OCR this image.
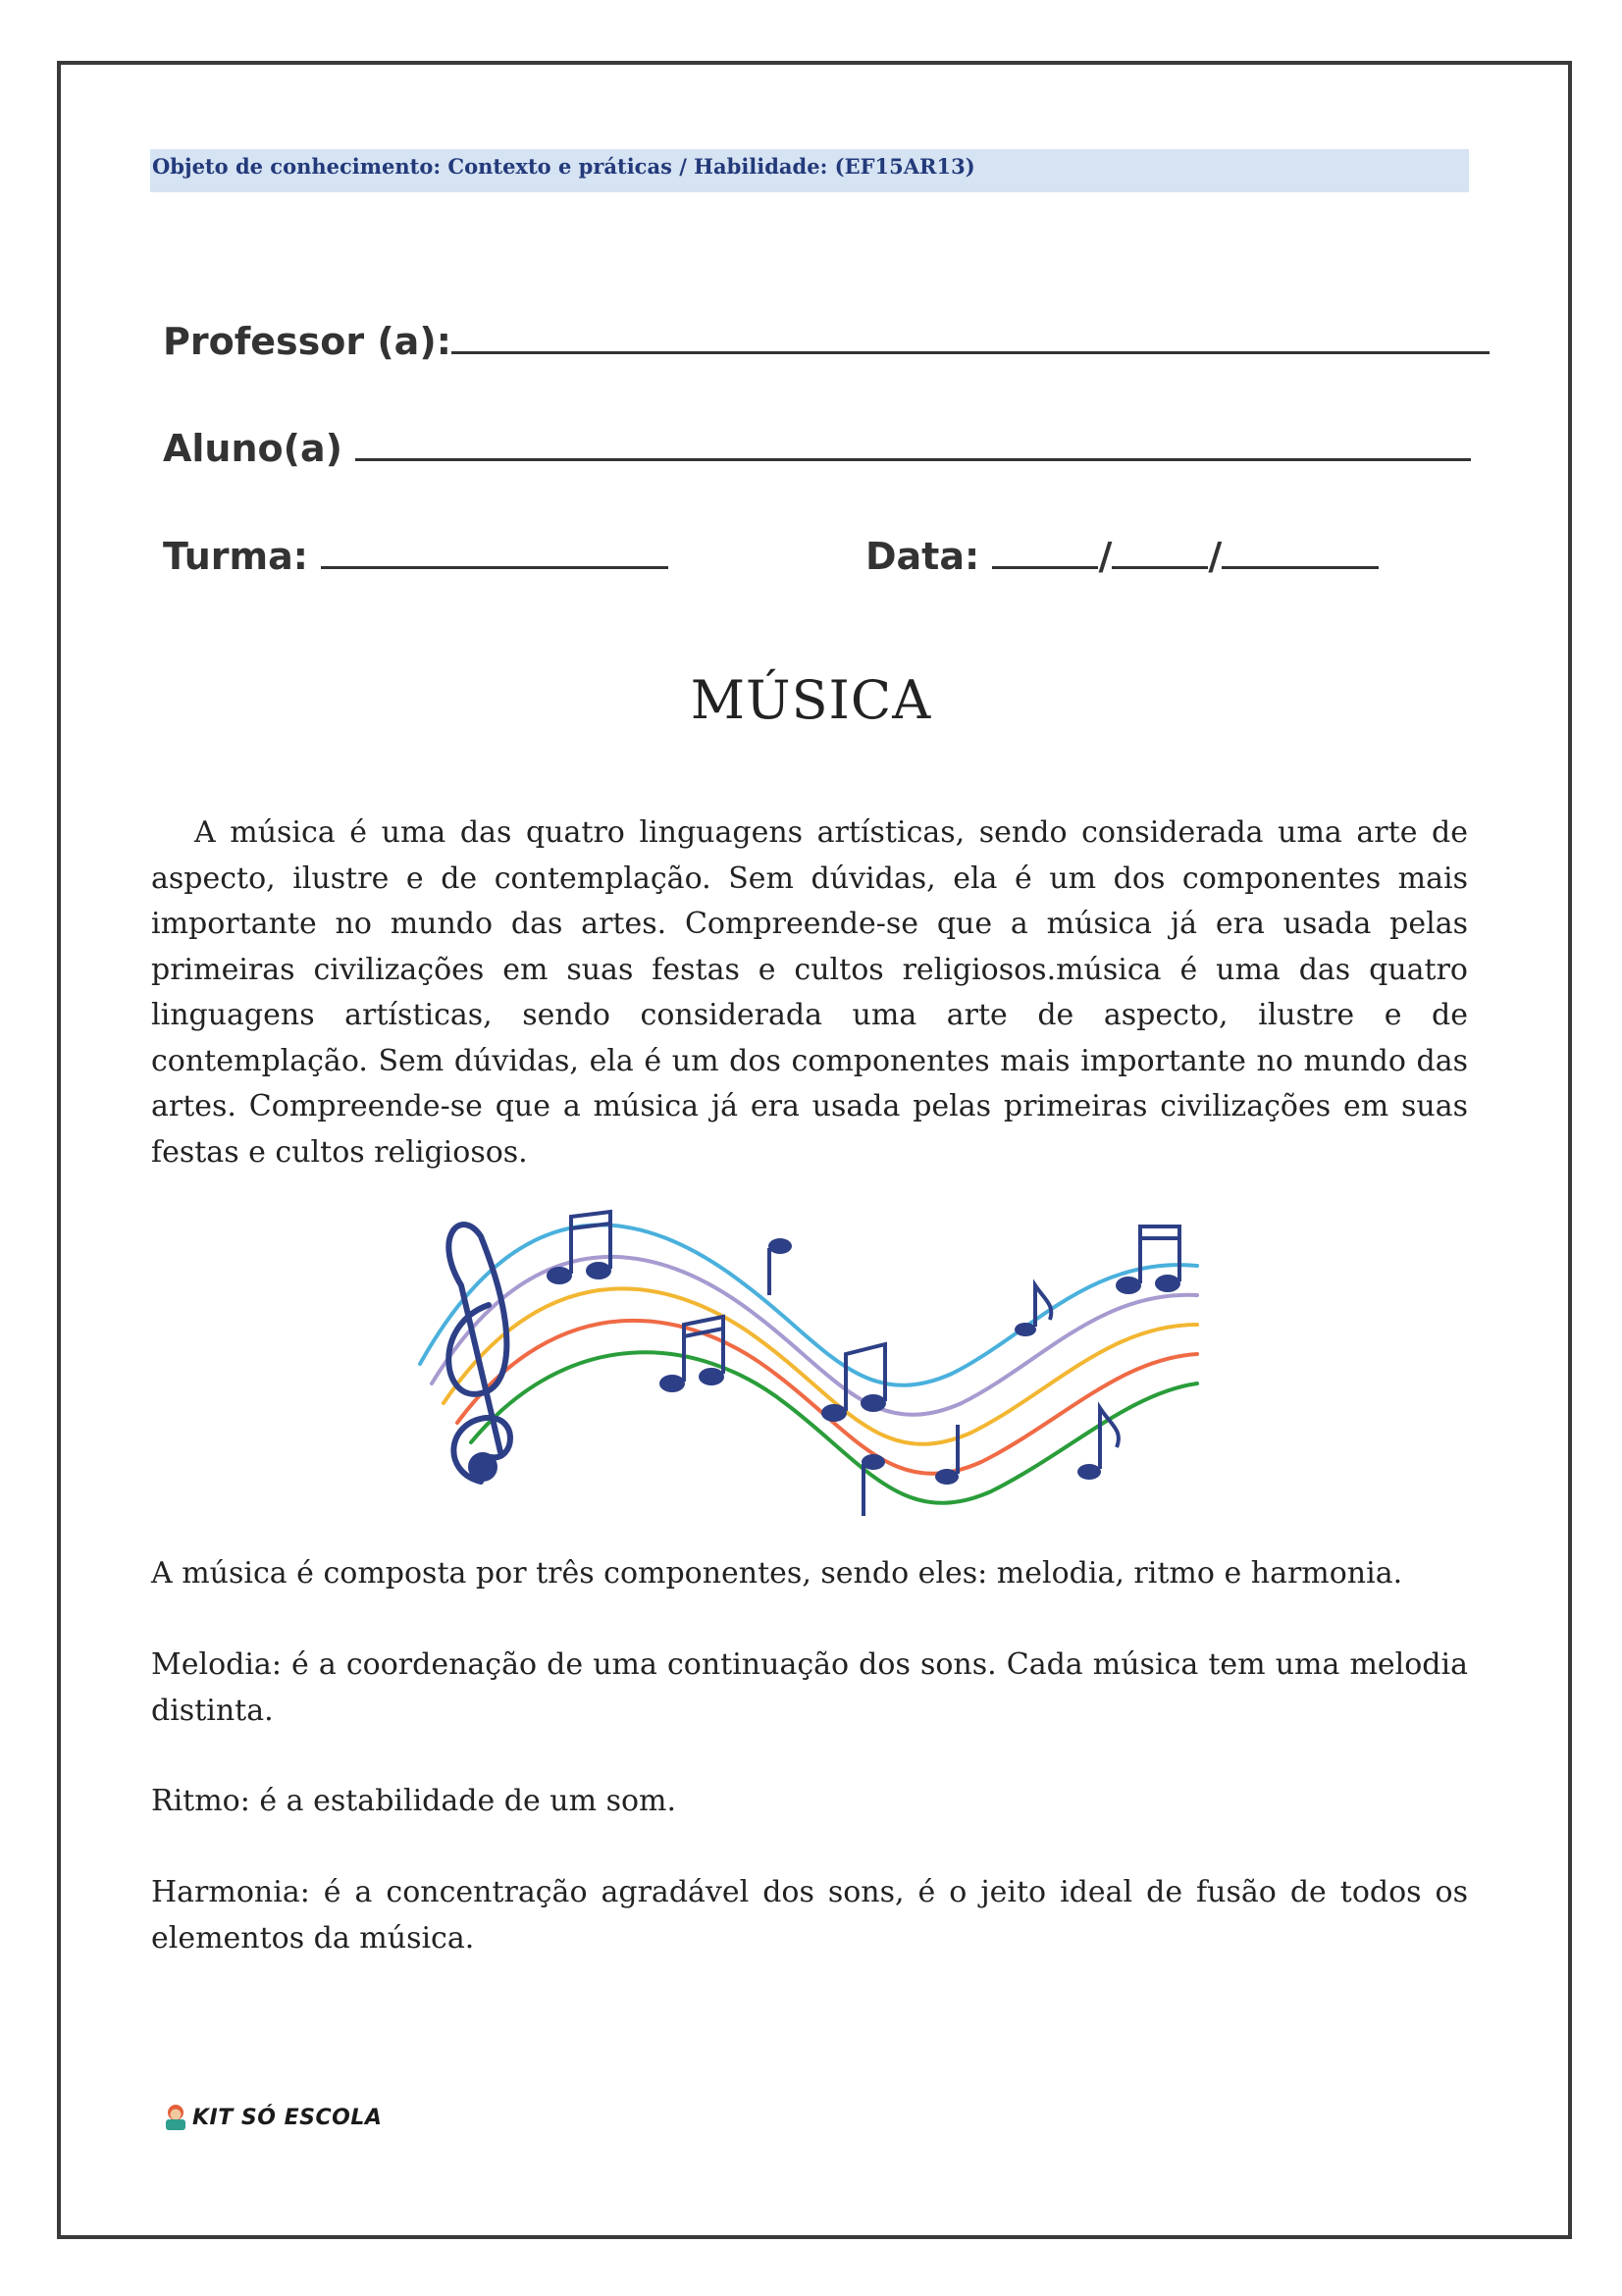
Objeto de conhecimento: Contexto e práticas / Habilidade: (EF15AR13)
Professor (a):
Aluno(a)
Turma:	Data:	/	/
MÚSICA

A música é uma das quatro linguagens artísticas, sendo considerada uma arte de aspecto, ilustre e de contemplação. Sem dúvidas, ela é um dos componentes mais importante no mundo das artes. Compreende-se que a música já era usada pelas primeiras civilizações em suas festas e cultos religiosos.música é uma das quatro linguagens artísticas, sendo considerada uma arte de aspecto, ilustre e de contemplação. Sem dúvidas, ela é um dos componentes mais importante no mundo das artes. Compreende-se que a música já era usada pelas primeiras civilizações em suas festas e cultos religiosos.

A música é composta por três componentes, sendo eles: melodia, ritmo e harmonia.

Melodia: é a coordenação de uma continuação dos sons. Cada música tem uma melodia distinta.

Ritmo: é a estabilidade de um som.

Harmonia: é a concentração agradável dos sons, é o jeito ideal de fusão de todos os elementos da música.

KIT SÓ ESCOLA
